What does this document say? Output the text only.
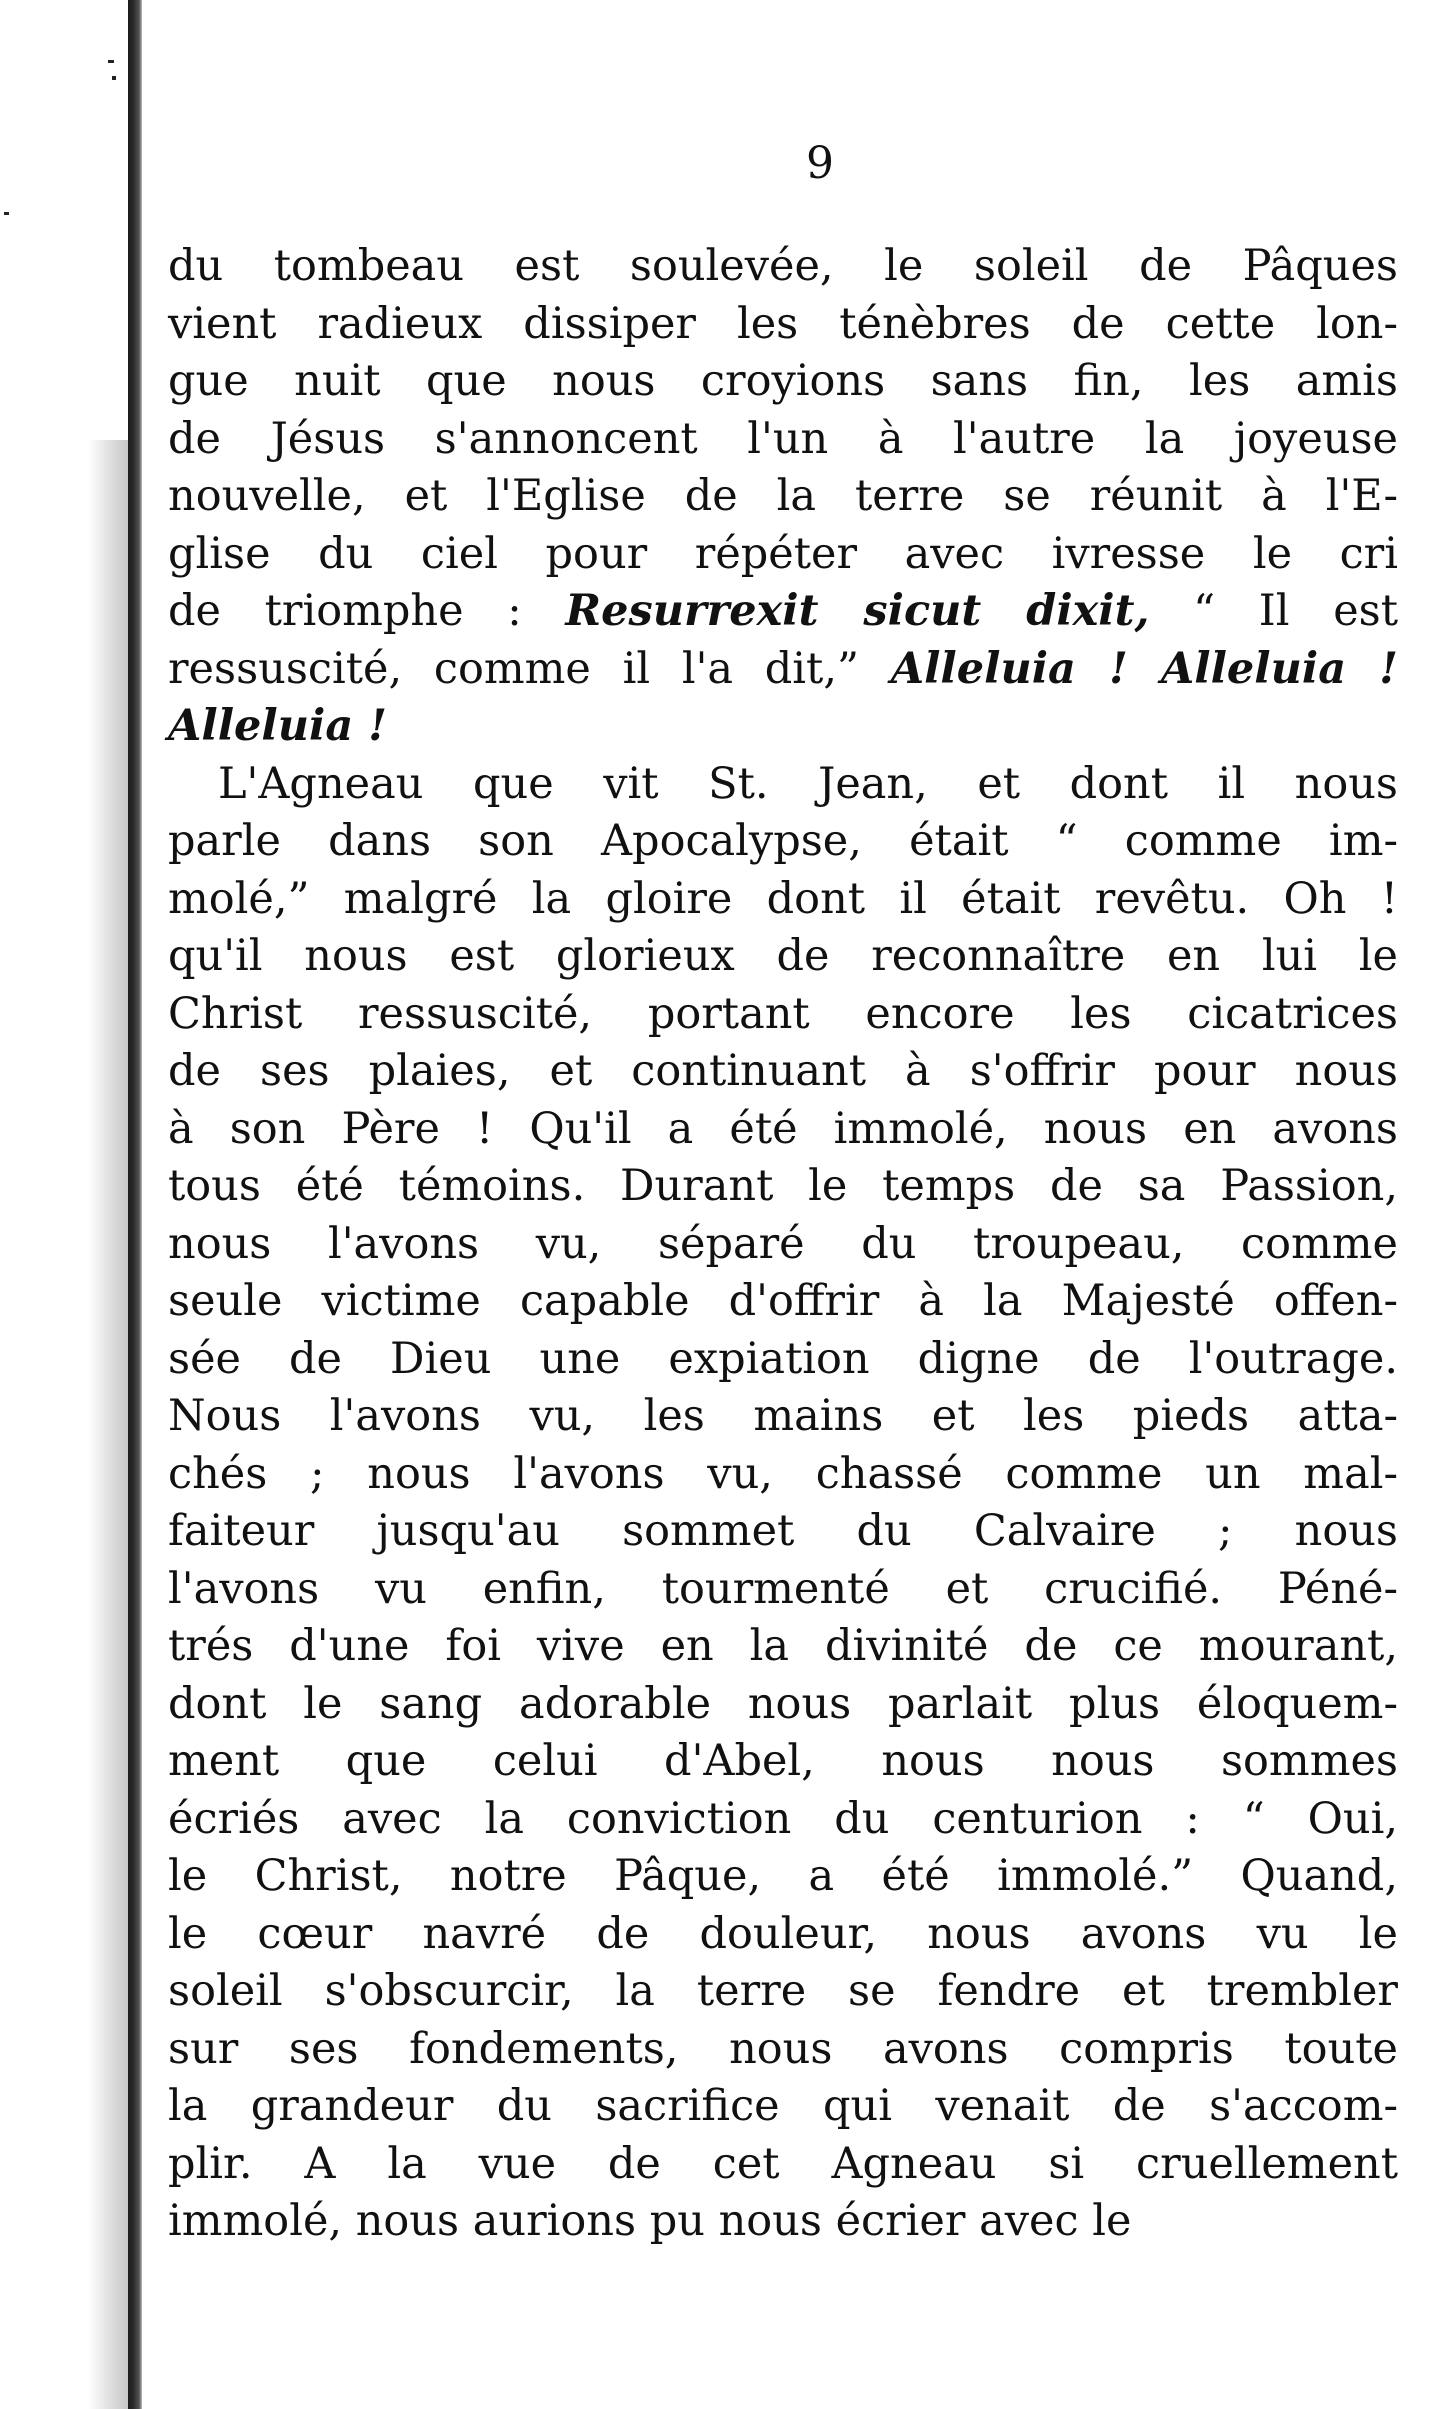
9
du tombeau est soulevée, le soleil de Pâques
vient radieux dissiper les ténèbres de cette lon-
gue nuit que nous croyions sans fin, les amis
de Jésus s'annoncent l'un à l'autre la joyeuse
nouvelle, et l'Eglise de la terre se réunit à l'E-
glise du ciel pour répéter avec ivresse le cri
de triomphe : Resurrexit sicut dixit, “ Il est
ressuscité, comme il l'a dit,” Alleluia ! Alleluia !
Alleluia !
L'Agneau que vit St. Jean, et dont il nous
parle dans son Apocalypse, était “ comme im-
molé,” malgré la gloire dont il était revêtu. Oh !
qu'il nous est glorieux de reconnaître en lui le
Christ ressuscité, portant encore les cicatrices
de ses plaies, et continuant à s'offrir pour nous
à son Père ! Qu'il a été immolé, nous en avons
tous été témoins. Durant le temps de sa Passion,
nous l'avons vu, séparé du troupeau, comme
seule victime capable d'offrir à la Majesté offen-
sée de Dieu une expiation digne de l'outrage.
Nous l'avons vu, les mains et les pieds atta-
chés ; nous l'avons vu, chassé comme un mal-
faiteur jusqu'au sommet du Calvaire ; nous
l'avons vu enfin, tourmenté et crucifié. Péné-
trés d'une foi vive en la divinité de ce mourant,
dont le sang adorable nous parlait plus éloquem-
ment que celui d'Abel, nous nous sommes
écriés avec la conviction du centurion : “ Oui,
le Christ, notre Pâque, a été immolé.” Quand,
le cœur navré de douleur, nous avons vu le
soleil s'obscurcir, la terre se fendre et trembler
sur ses fondements, nous avons compris toute
la grandeur du sacrifice qui venait de s'accom-
plir. A la vue de cet Agneau si cruellement
immolé, nous aurions pu nous écrier avec le
